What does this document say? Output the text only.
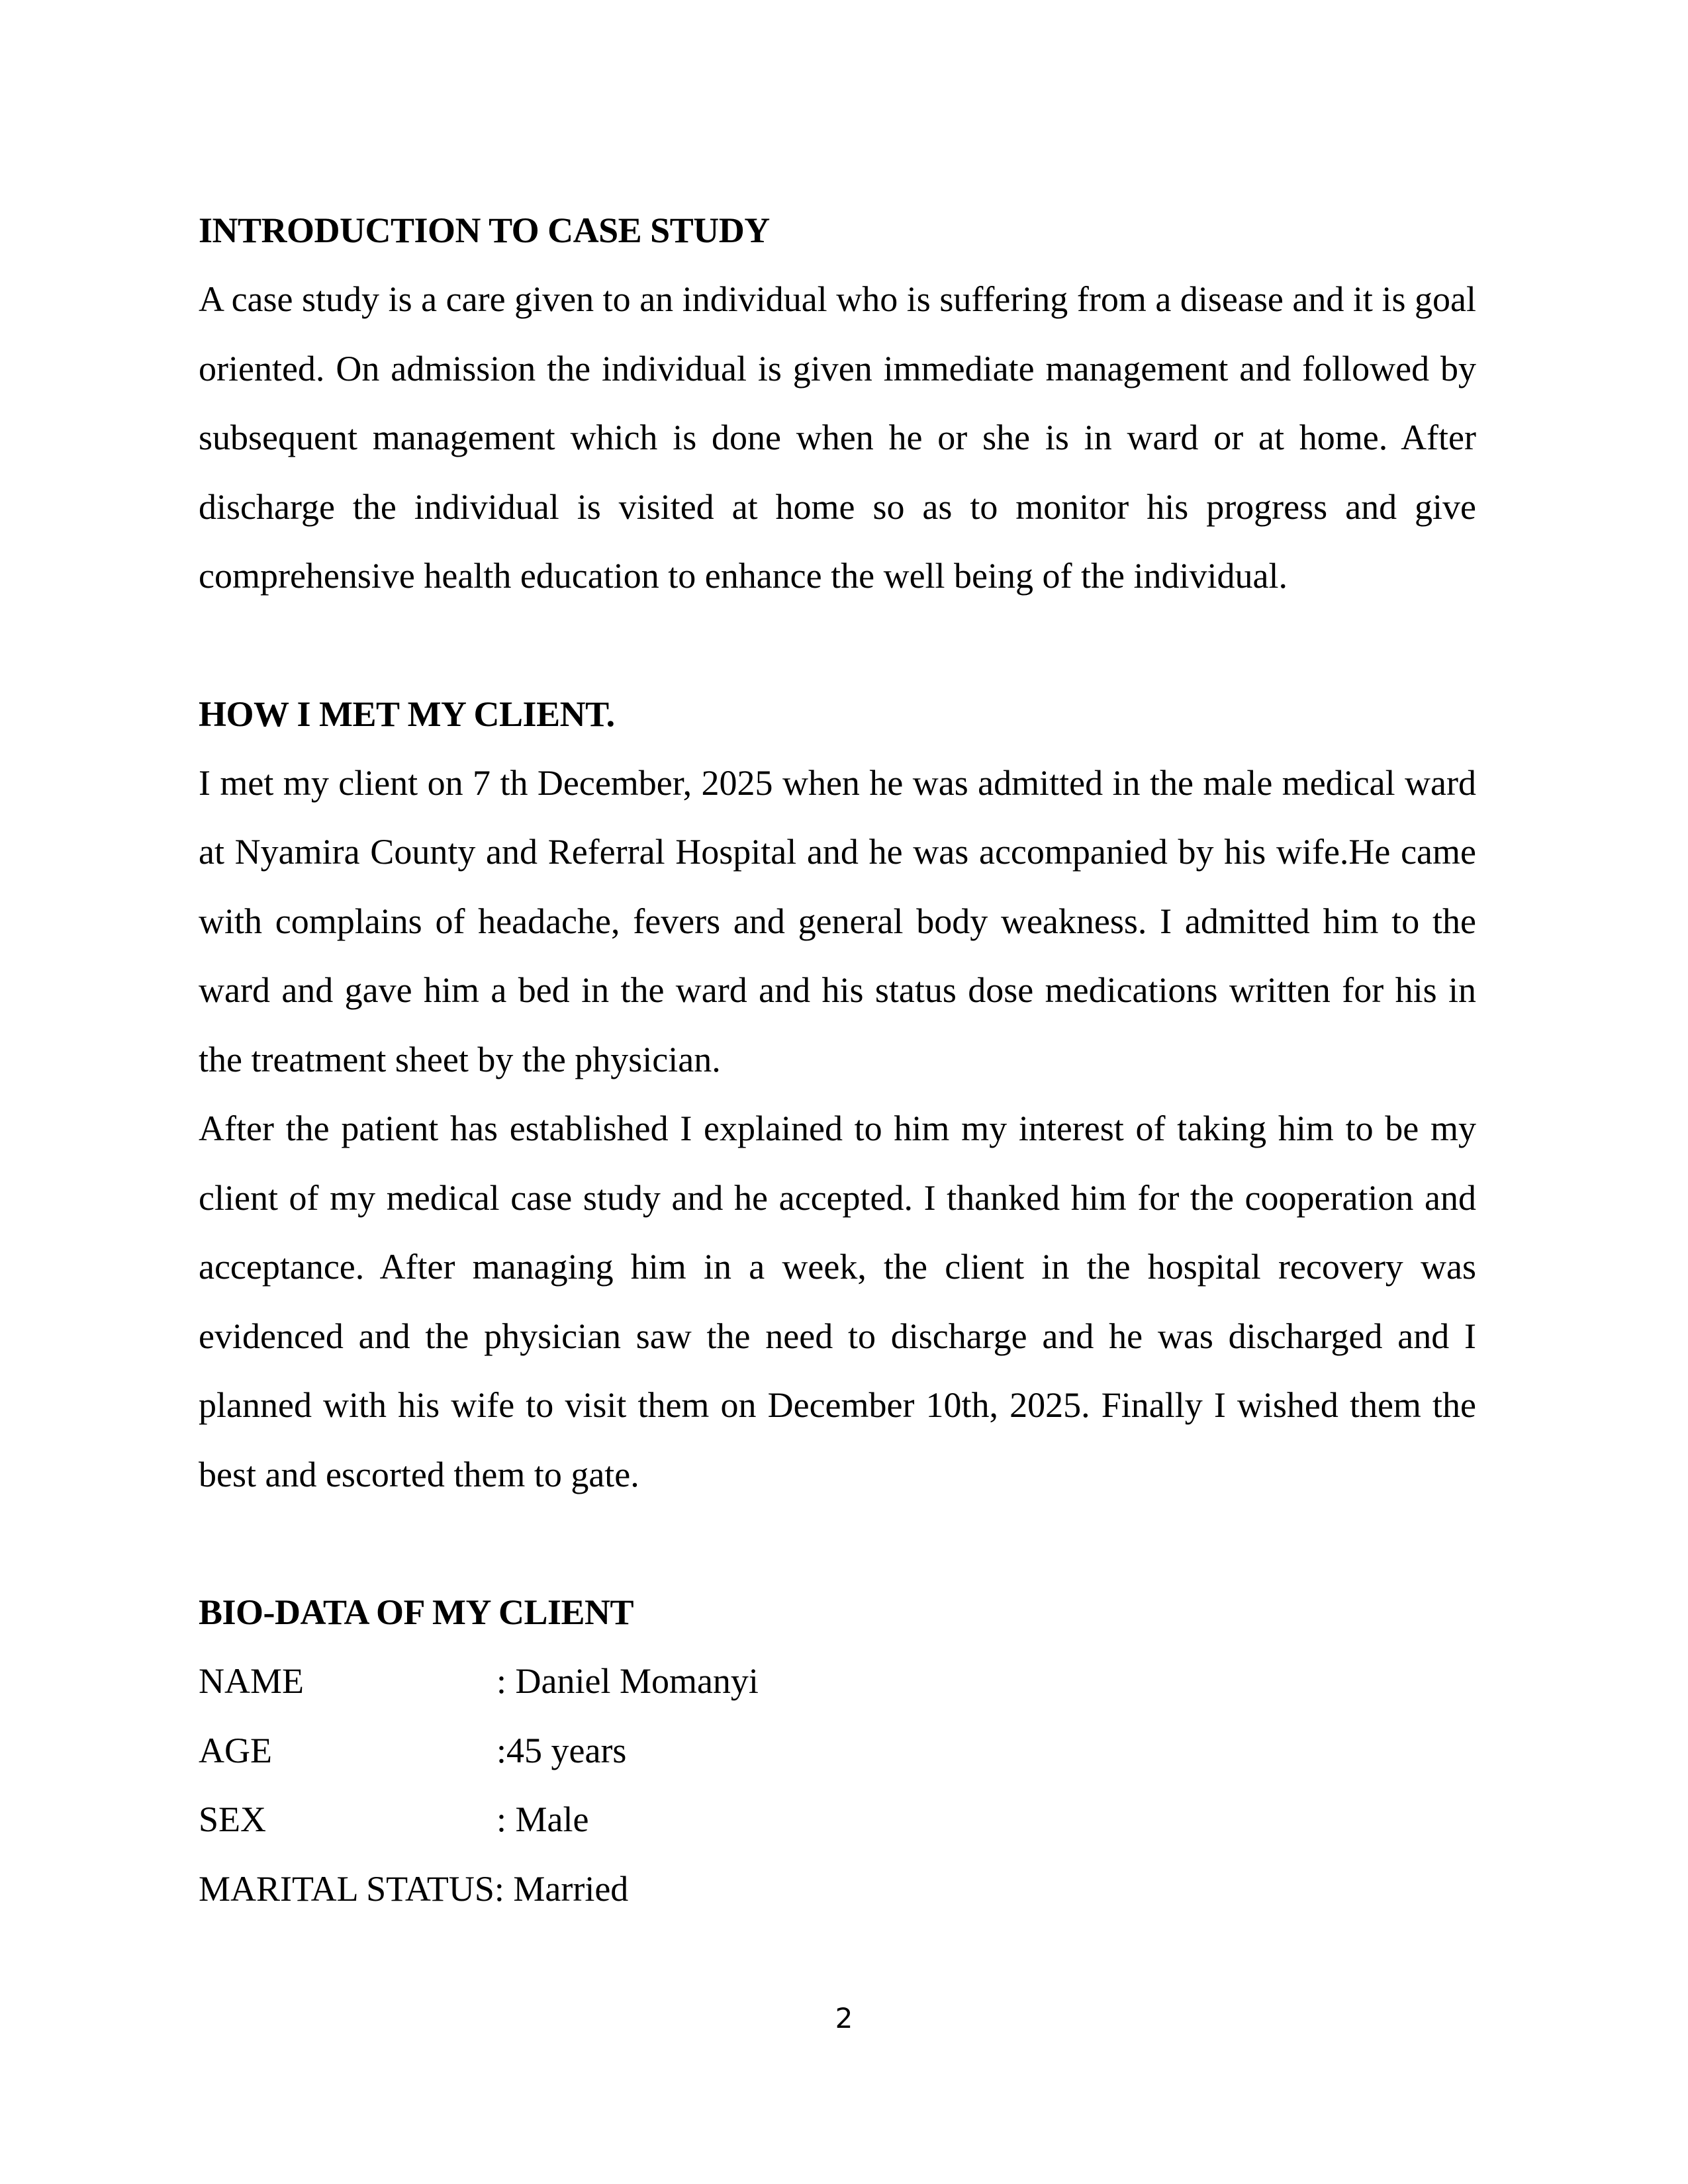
INTRODUCTION TO CASE STUDY

A case study is a care given to an individual who is suffering from a disease and it is goal oriented. On admission the individual is given immediate management and followed by subsequent management which is done when he or she is in ward or at home. After discharge the individual is visited at home so as to monitor his progress and give comprehensive health education to enhance the well being of the individual.

HOW I MET MY CLIENT.

I met my client on 7 th December, 2025 when he was admitted in the male medical ward at Nyamira County and Referral Hospital and he was accompanied by his wife.He came with complains of headache, fevers and general body weakness. I admitted him to the ward and gave him a bed in the ward and his status dose medications written for his in the treatment sheet by the physician.

After the patient has established I explained to him my interest of taking him to be my client of my medical case study and he accepted. I thanked him for the cooperation and acceptance. After managing him in a week, the client in the hospital recovery was evidenced and the physician saw the need to discharge and he was discharged and I planned with his wife to visit them on December 10th, 2025. Finally I wished them the best and escorted them to gate.

BIO-DATA OF MY CLIENT
NAME	: Daniel Momanyi
AGE	:45 years
SEX	: Male
MARITAL STATUS: Married
2
